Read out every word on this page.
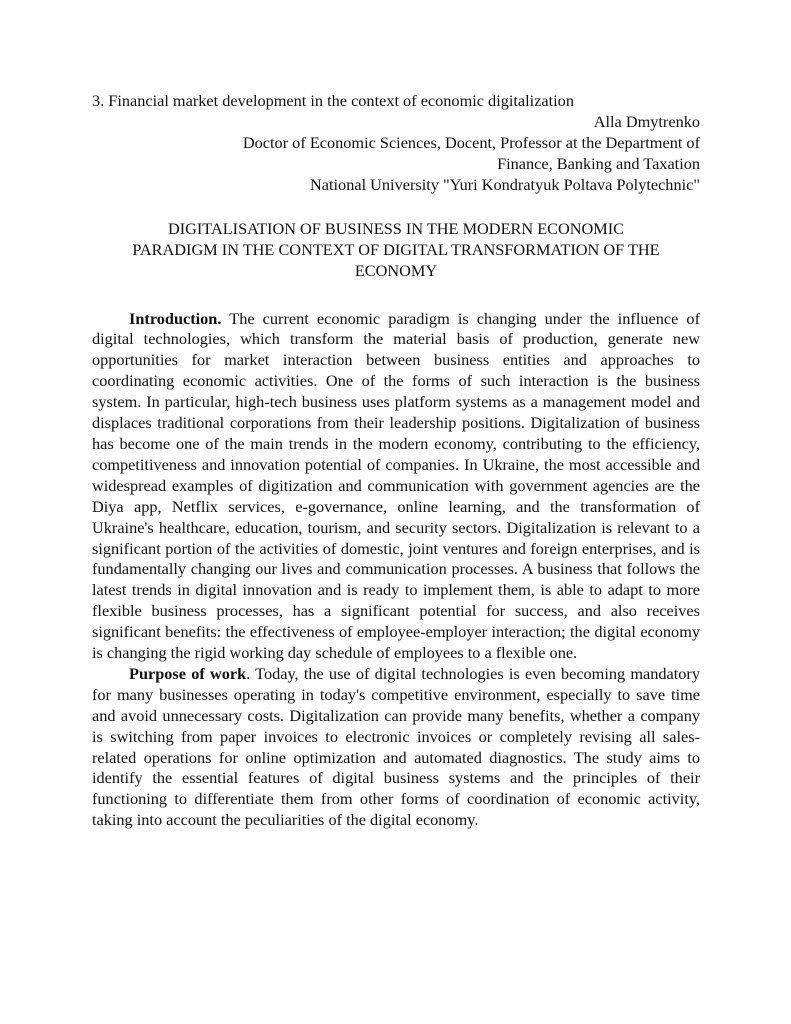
3. Financial market development in the context of economic digitalization

Alla Dmytrenko

Doctor of Economic Sciences, Docent, Professor at the Department of

Finance, Banking and Taxation

National University "Yuri Kondratyuk Poltava Polytechnic"

DIGITALISATION OF BUSINESS IN THE MODERN ECONOMIC
PARADIGM IN THE CONTEXT OF DIGITAL TRANSFORMATION OF THE
ECONOMY

Introduction. The current economic paradigm is changing under the influence of digital technologies, which transform the material basis of production, generate new opportunities for market interaction between business entities and approaches to coordinating economic activities. One of the forms of such interaction is the business system. In particular, high-tech business uses platform systems as a management model and displaces traditional corporations from their leadership positions. Digitalization of business has become one of the main trends in the modern economy, contributing to the efficiency, competitiveness and innovation potential of companies. In Ukraine, the most accessible and widespread examples of digitization and communication with government agencies are the Diya app, Netflix services, e-governance, online learning, and the transformation of Ukraine's healthcare, education, tourism, and security sectors. Digitalization is relevant to a significant portion of the activities of domestic, joint ventures and foreign enterprises, and is fundamentally changing our lives and communication processes. A business that follows the latest trends in digital innovation and is ready to implement them, is able to adapt to more flexible business processes, has a significant potential for success, and also receives significant benefits: the effectiveness of employee-employer interaction; the digital economy is changing the rigid working day schedule of employees to a flexible one.

Purpose of work. Today, the use of digital technologies is even becoming mandatory for many businesses operating in today's competitive environment, especially to save time and avoid unnecessary costs. Digitalization can provide many benefits, whether a company is switching from paper invoices to electronic invoices or completely revising all sales-related operations for online optimization and automated diagnostics. The study aims to identify the essential features of digital business systems and the principles of their functioning to differentiate them from other forms of coordination of economic activity, taking into account the peculiarities of the digital economy.
